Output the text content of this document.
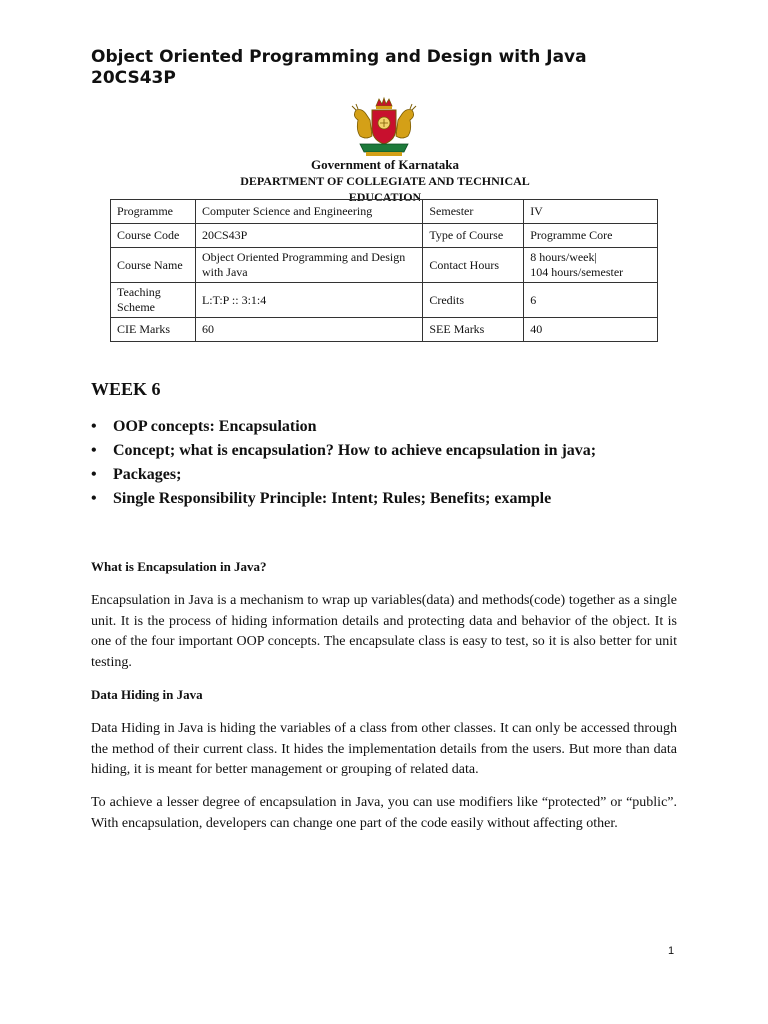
Object Oriented Programming and Design with Java
20CS43P
Government of Karnataka
DEPARTMENT OF COLLEGIATE AND TECHNICAL EDUCATION
Programme	Computer Science and Engineering	Semester	IV
Course Code	20CS43P	Type of Course	Programme Core
Course Name	Object Oriented Programming and Design with Java	Contact Hours	8 hours/week|
104 hours/semester

Teaching Scheme	L:T:P :: 3:1:4	Credits	6
CIE Marks	60	SEE Marks	40
WEEK 6
• OOP concepts: Encapsulation
• Concept; what is encapsulation? How to achieve encapsulation in java;
• Packages;
• Single Responsibility Principle: Intent; Rules; Benefits; example
What is Encapsulation in Java?

Encapsulation in Java is a mechanism to wrap up variables(data) and methods(code) together as a single unit. It is the process of hiding information details and protecting data and behavior of the object. It is one of the four important OOP concepts. The encapsulate class is easy to test, so it is also better for unit testing.

Data Hiding in Java

Data Hiding in Java is hiding the variables of a class from other classes. It can only be accessed through the method of their current class. It hides the implementation details from the users. But more than data hiding, it is meant for better management or grouping of related data.

To achieve a lesser degree of encapsulation in Java, you can use modifiers like “protected” or “public”. With encapsulation, developers can change one part of the code easily without affecting other.

1
